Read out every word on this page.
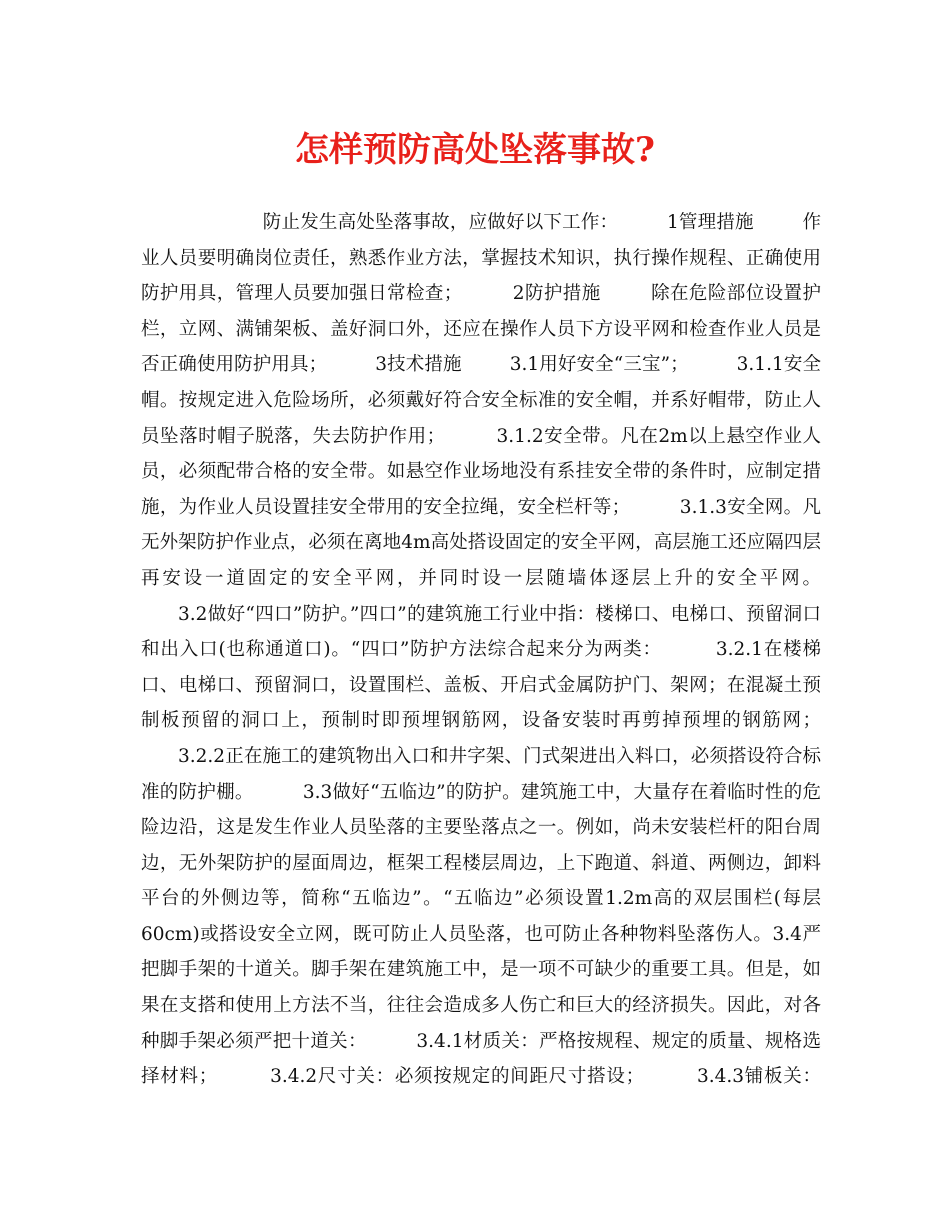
怎样预防高处坠落事故?

防止发生高处坠落事故，应做好以下工作：        1管理措施        作业人员要明确岗位责任，熟悉作业方法，掌握技术知识，执行操作规程、正确使用防护用具，管理人员要加强日常检查；        2防护措施        除在危险部位设置护栏，立网、满铺架板、盖好洞口外，还应在操作人员下方设平网和检查作业人员是否正确使用防护用具；        3技术措施        3.1用好安全“三宝”；        3.1.1安全帽。按规定进入危险场所，必须戴好符合安全标准的安全帽，并系好帽带，防止人员坠落时帽子脱落，失去防护作用；        3.1.2安全带。凡在2m以上悬空作业人员，必须配带合格的安全带。如悬空作业场地没有系挂安全带的条件时，应制定措施，为作业人员设置挂安全带用的安全拉绳，安全栏杆等；        3.1.3安全网。凡无外架防护作业点，必须在离地4m高处搭设固定的安全平网，高层施工还应隔四层再安设一道固定的安全平网，并同时设一层随墙体逐层上升的安全平网。

3.2做好“四口”防护。”四口”的建筑施工行业中指：楼梯口、电梯口、预留洞口和出入口(也称通道口)。“四口”防护方法综合起来分为两类：        3.2.1在楼梯口、电梯口、预留洞口，设置围栏、盖板、开启式金属防护门、架网；在混凝土预制板预留的洞口上，预制时即预埋钢筋网，设备安装时再剪掉预埋的钢筋网；

3.2.2正在施工的建筑物出入口和井字架、门式架进出入料口，必须搭设符合标准的防护棚。        3.3做好“五临边”的防护。建筑施工中，大量存在着临时性的危险边沿，这是发生作业人员坠落的主要坠落点之一。例如，尚未安装栏杆的阳台周边，无外架防护的屋面周边，框架工程楼层周边，上下跑道、斜道、两侧边，卸料平台的外侧边等，简称“五临边”。“五临边”必须设置1.2m高的双层围栏(每层60cm)或搭设安全立网，既可防止人员坠落，也可防止各种物料坠落伤人。3.4严把脚手架的十道关。脚手架在建筑施工中，是一项不可缺少的重要工具。但是，如果在支搭和使用上方法不当，往往会造成多人伤亡和巨大的经济损失。因此，对各种脚手架必须严把十道关：        3.4.1材质关：严格按规程、规定的质量、规格选择材料；        3.4.2尺寸关：必须按规定的间距尺寸搭设；        3.4.3铺板关：
